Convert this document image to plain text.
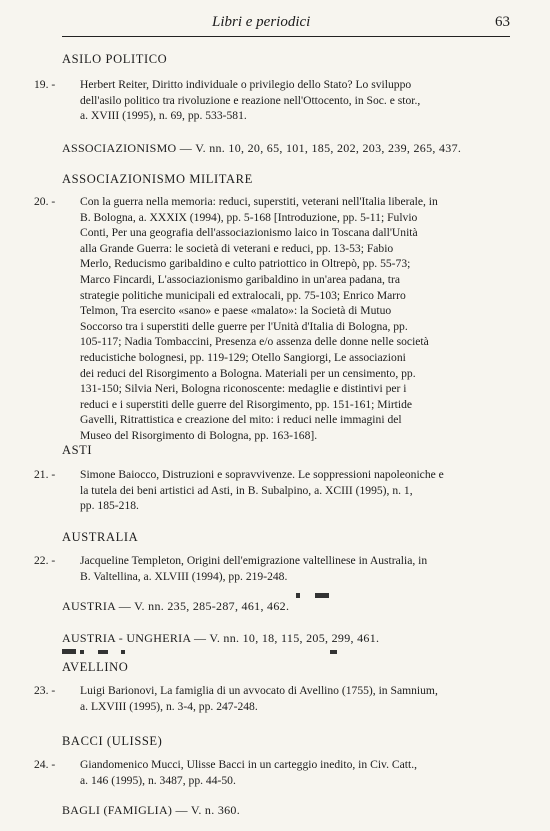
Libri e periodici	63
ASILO POLITICO
19. - Herbert Reiter, Diritto individuale o privilegio dello Stato? Lo sviluppo
dell'asilo politico tra rivoluzione e reazione nell'Ottocento, in Soc. e stor.,
a. XVIII (1995), n. 69, pp. 533-581.
ASSOCIAZIONISMO — V. nn. 10, 20, 65, 101, 185, 202, 203, 239, 265, 437.
ASSOCIAZIONISMO MILITARE
20. - Con la guerra nella memoria: reduci, superstiti, veterani nell'Italia liberale, in
B. Bologna, a. XXXIX (1994), pp. 5-168 [Introduzione, pp. 5-11; Fulvio
Conti, Per una geografia dell'associazionismo laico in Toscana dall'Unità
alla Grande Guerra: le società di veterani e reduci, pp. 13-53; Fabio
Merlo, Reducismo garibaldino e culto patriottico in Oltrepò, pp. 55-73;
Marco Fincardi, L'associazionismo garibaldino in un'area padana, tra
strategie politiche municipali ed extralocali, pp. 75-103; Enrico Marro
Telmon, Tra esercito «sano» e paese «malato»: la Società di Mutuo
Soccorso tra i superstiti delle guerre per l'Unità d'Italia di Bologna, pp.
105-117; Nadia Tombaccini, Presenza e/o assenza delle donne nelle società
reducistiche bolognesi, pp. 119-129; Otello Sangiorgi, Le associazioni
dei reduci del Risorgimento a Bologna. Materiali per un censimento, pp.
131-150; Silvia Neri, Bologna riconoscente: medaglie e distintivi per i
reduci e i superstiti delle guerre del Risorgimento, pp. 151-161; Mirtide
Gavelli, Ritrattistica e creazione del mito: i reduci nelle immagini del
Museo del Risorgimento di Bologna, pp. 163-168].
ASTI
21. - Simone Baiocco, Distruzioni e sopravvivenze. Le soppressioni napoleoniche e
la tutela dei beni artistici ad Asti, in B. Subalpino, a. XCIII (1995), n. 1,
pp. 185-218.
AUSTRALIA
22. - Jacqueline Templeton, Origini dell'emigrazione valtellinese in Australia, in
B. Valtellina, a. XLVIII (1994), pp. 219-248.
AUSTRIA — V. nn. 235, 285-287, 461, 462.
AUSTRIA - UNGHERIA — V. nn. 10, 18, 115, 205, 299, 461.
AVELLINO
23. - Luigi Barionovi, La famiglia di un avvocato di Avellino (1755), in Samnium,
a. LXVIII (1995), n. 3-4, pp. 247-248.
BACCI (ULISSE)
24. - Giandomenico Mucci, Ulisse Bacci in un carteggio inedito, in Civ. Catt.,
a. 146 (1995), n. 3487, pp. 44-50.
BAGLI (FAMIGLIA) — V. n. 360.
